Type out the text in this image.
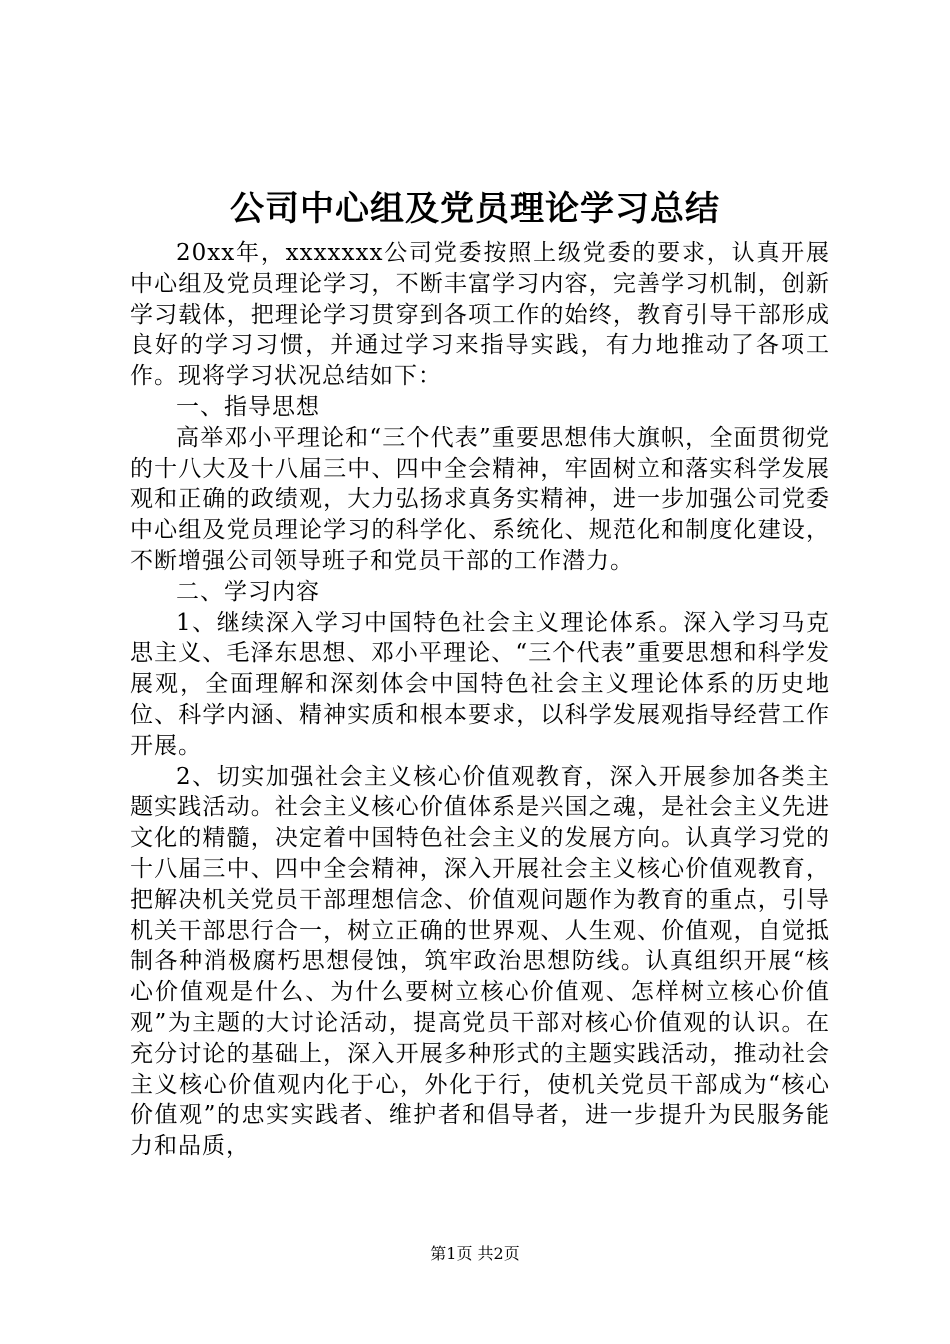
公司中心组及党员理论学习总结

20xx年，xxxxxxx公司党委按照上级党委的要求，认真开展中心组及党员理论学习，不断丰富学习内容，完善学习机制，创新学习载体，把理论学习贯穿到各项工作的始终，教育引导干部形成良好的学习习惯，并通过学习来指导实践，有力地推动了各项工作。现将学习状况总结如下：

一、指导思想

高举邓小平理论和“三个代表”重要思想伟大旗帜，全面贯彻党的十八大及十八届三中、四中全会精神，牢固树立和落实科学发展观和正确的政绩观，大力弘扬求真务实精神，进一步加强公司党委中心组及党员理论学习的科学化、系统化、规范化和制度化建设，不断增强公司领导班子和党员干部的工作潜力。

二、学习内容

1、继续深入学习中国特色社会主义理论体系。深入学习马克思主义、毛泽东思想、邓小平理论、“三个代表”重要思想和科学发展观，全面理解和深刻体会中国特色社会主义理论体系的历史地位、科学内涵、精神实质和根本要求，以科学发展观指导经营工作开展。

2、切实加强社会主义核心价值观教育，深入开展参加各类主题实践活动。社会主义核心价值体系是兴国之魂，是社会主义先进文化的精髓，决定着中国特色社会主义的发展方向。认真学习党的十八届三中、四中全会精神，深入开展社会主义核心价值观教育，把解决机关党员干部理想信念、价值观问题作为教育的重点，引导机关干部思行合一，树立正确的世界观、人生观、价值观，自觉抵制各种消极腐朽思想侵蚀，筑牢政治思想防线。认真组织开展“核心价值观是什么、为什么要树立核心价值观、怎样树立核心价值观”为主题的大讨论活动，提高党员干部对核心价值观的认识。在充分讨论的基础上，深入开展多种形式的主题实践活动，推动社会主义核心价值观内化于心，外化于行，使机关党员干部成为“核心价值观”的忠实实践者、维护者和倡导者，进一步提升为民服务能力和品质，

第1页 共2页
